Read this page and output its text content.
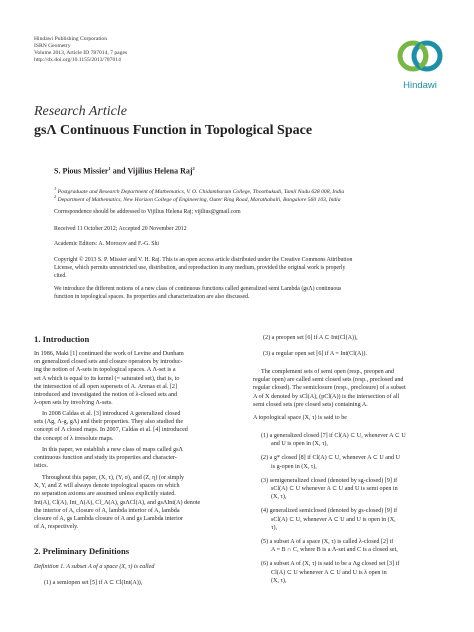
Hindawi Publishing Corporation
ISRN Geometry
Volume 2013, Article ID 787014, 7 pages
http://dx.doi.org/10.1155/2013/787014
Hindawi
Research Article
gsΛ Continuous Function in Topological Space
S. Pious Missier$^1$ and Vijilius Helena Raj$^2$
$^1$ Postgraduate and Research Department of Mathematics, V. O. Chidambaram College, Thoothukudi, Tamil Nadu 628 008, India
$^2$ Department of Mathematics, New Horizon College of Engineering, Outer Ring Road, Marathahalli, Bangalore 560 103, India
Correspondence should be addressed to Vijilius Helena Raj; vijilius@gmail.com
Received 11 October 2012; Accepted 20 November 2012
Academic Editors: A. Morozov and F.-G. Shi
Copyright © 2013 S. P. Missier and V. H. Raj. This is an open access article distributed under the Creative Commons Attribution
License, which permits unrestricted use, distribution, and reproduction in any medium, provided the original work is properly
cited.
We introduce the different notions of a new class of continuous functions called generalized semi Lambda (gsΛ) continuous
function in topological spaces. Its properties and characterization are also discussed.
1. Introduction
In 1986, Maki [1] continued the work of Levine and Dunham
on generalized closed sets and closure operators by introduc-
ing the notion of Λ-sets in topological spaces. A Λ-set is a
set A which is equal to its kernel (= saturated set), that is, to
the intersection of all open supersets of A. Arenas et al. [2]
introduced and investigated the notion of λ-closed sets and
λ-open sets by involving Λ-sets.
In 2008 Caldas et al. [3] introduced A generalized closed
sets (Λg, Λ-g, gΛ) and their properties. They also studied the
concept of Λ closed maps. In 2007, Caldas et al. [4] introduced
the concept of λ irresolute maps.
In this paper, we establish a new class of maps called gsΛ
continuous function and study its properties and character-
istics.
Throughout this paper, (X, τ), (Y, σ), and (Z, η) (or simply
X, Y, and Z will always denote topological spaces on which
no separation axioms are assumed unless explicitly stated.
Int(A), Cl(A), Int_Λ(A), Cl_Λ(A), gsΛCl(A), and gsΛInt(A) denote
the interior of A, closure of A, lambda interior of A, lambda
closure of A, gs Lambda closure of A and gs Lambda interior
of A, respectively.
2. Preliminary Definitions
Definition 1. A subset A of a space (X, τ) is called
(1) a semiopen set [5] if A ⊂ Cl(Int(A)),
(2) a preopen set [6] if A ⊂ Int(Cl(A)),
(3) a regular open set [6] if A = Int(Cl(A)).
The complement sets of semi open (resp., preopen and
regular open) are called semi closed sets (resp., preclosed and
regular closed). The semiclosure (resp., preclosure) of a subset
A of X denoted by sCl(A), (pCl(A)) is the intersection of all
semi closed sets (pre closed sets) containing A.
A topological space (X, τ) is said to be
(1) a generalized closed [7] if Cl(A) ⊂ U, whenever A ⊂ U
and U is open in (X, τ),
(2) a g* closed [8] if Cl(A) ⊂ U, whenever A ⊂ U and U
is g-open in (X, τ),
(3) semigeneralized closed (denoted by sg-closed) [9] if
sCl(A) ⊂ U whenever A ⊂ U and U is semi open in
(X, τ),
(4) generalized semiclosed (denoted by gs-closed) [9] if
sCl(A) ⊂ U, whenever A ⊂ U and U is open in (X,
τ),
(5) a subset A of a space (X, τ) is called λ-closed [2] if
A = B ∩ C, where B is a Λ-set and C is a closed set,
(6) a subset A of (X, τ) is said to be a Λg closed set [3] if
Cl(A) ⊂ U whenever A ⊂ U and U is λ open in
(X, τ),
